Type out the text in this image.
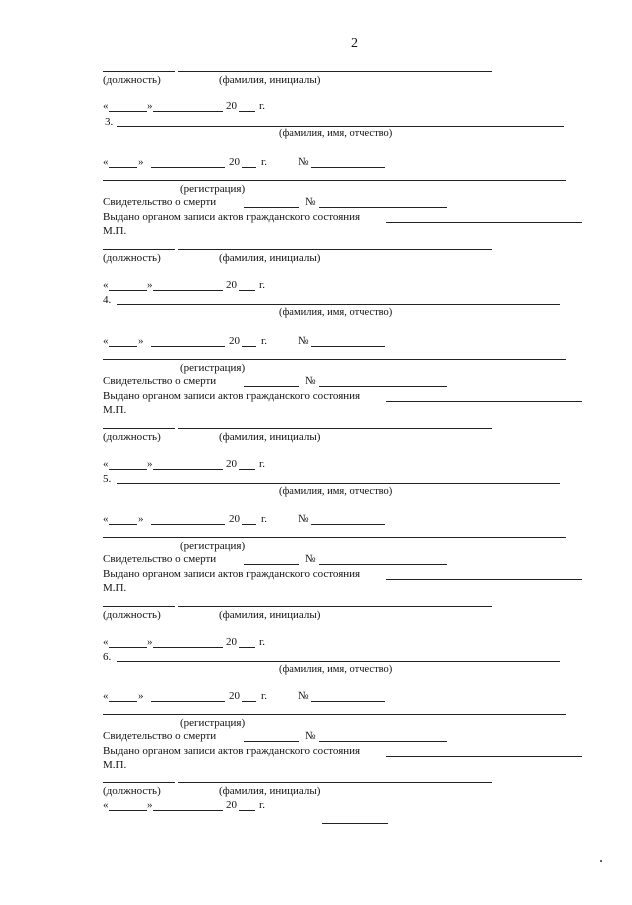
2
(должность)	(фамилия, инициалы)
«	»	20 г.
3.
(фамилия, имя, отчество)
«	»	20 г.	№
(регистрация)
Свидетельство о смерти	№
Выдано органом записи актов гражданского состояния
М.П.
(должность)	(фамилия, инициалы)
«	»	20 г.
4.
(фамилия, имя, отчество)
«	»	20 г.	№
(регистрация)
Свидетельство о смерти	№
Выдано органом записи актов гражданского состояния
М.П.
(должность)	(фамилия, инициалы)
«	»	20 г.
5.
(фамилия, имя, отчество)
«	»	20 г.	№
(регистрация)
Свидетельство о смерти	№
Выдано органом записи актов гражданского состояния
М.П.
(должность)	(фамилия, инициалы)
«	»	20 г.
6.
(фамилия, имя, отчество)
«	»	20 г.	№
(регистрация)
Свидетельство о смерти	№
Выдано органом записи актов гражданского состояния
М.П.
(должность)	(фамилия, инициалы)
«	»	20 г.
